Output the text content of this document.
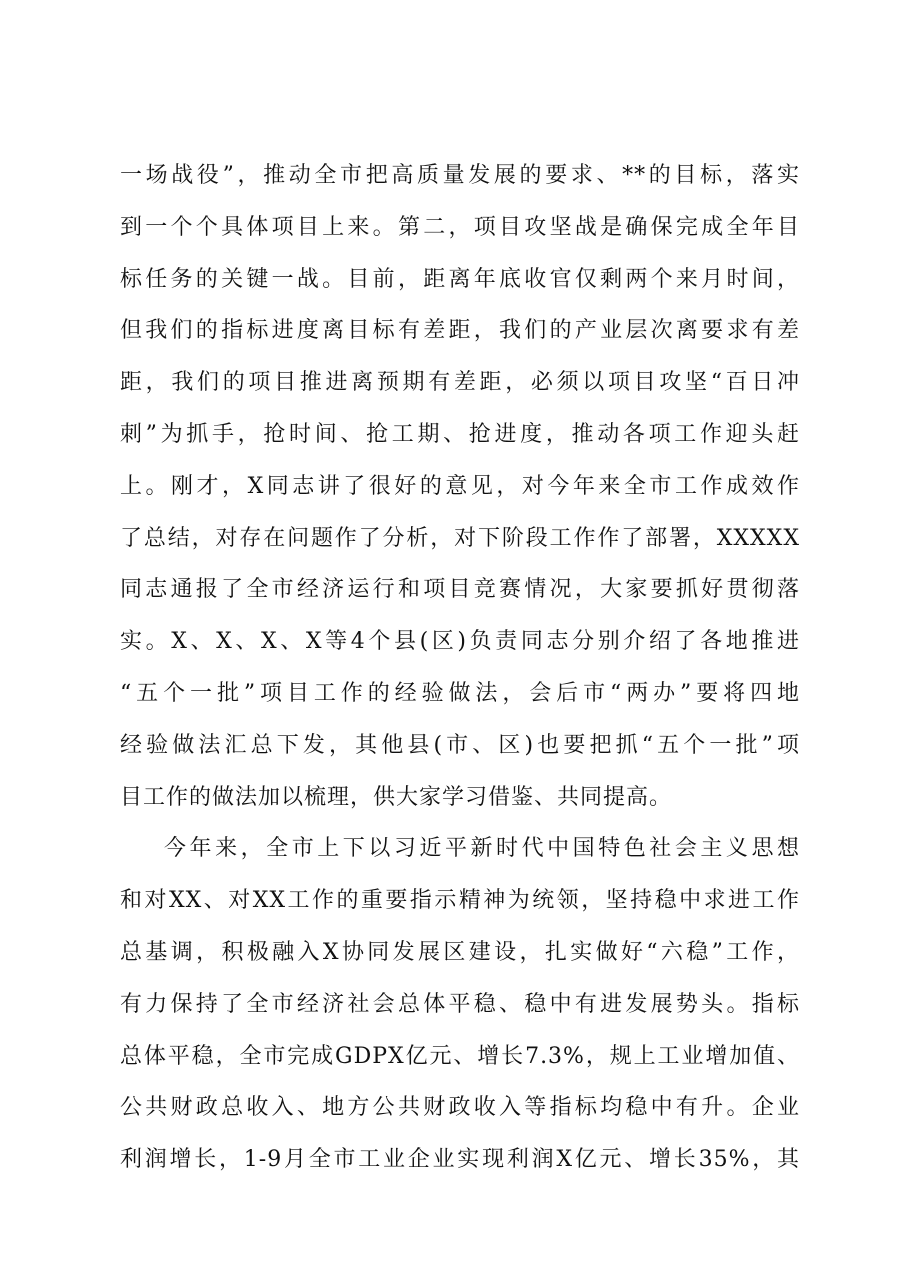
一场战役”，推动全市把高质量发展的要求、**的目标，落实
到一个个具体项目上来。第二，项目攻坚战是确保完成全年目
标任务的关键一战。目前，距离年底收官仅剩两个来月时间，
但我们的指标进度离目标有差距，我们的产业层次离要求有差
距，我们的项目推进离预期有差距，必须以项目攻坚“百日冲
刺”为抓手，抢时间、抢工期、抢进度，推动各项工作迎头赶
上。刚才，X同志讲了很好的意见，对今年来全市工作成效作
了总结，对存在问题作了分析，对下阶段工作作了部署，XXXXX
同志通报了全市经济运行和项目竞赛情况，大家要抓好贯彻落
实。X、X、X、X等4个县(区)负责同志分别介绍了各地推进
“五个一批”项目工作的经验做法，会后市“两办”要将四地
经验做法汇总下发，其他县(市、区)也要把抓“五个一批”项
目工作的做法加以梳理，供大家学习借鉴、共同提高。
今年来，全市上下以习近平新时代中国特色社会主义思想
和对XX、对XX工作的重要指示精神为统领，坚持稳中求进工作
总基调，积极融入X协同发展区建设，扎实做好“六稳”工作，
有力保持了全市经济社会总体平稳、稳中有进发展势头。指标
总体平稳，全市完成GDPX亿元、增长7.3%，规上工业增加值、
公共财政总收入、地方公共财政收入等指标均稳中有升。企业
利润增长，1-9月全市工业企业实现利润X亿元、增长35%，其
